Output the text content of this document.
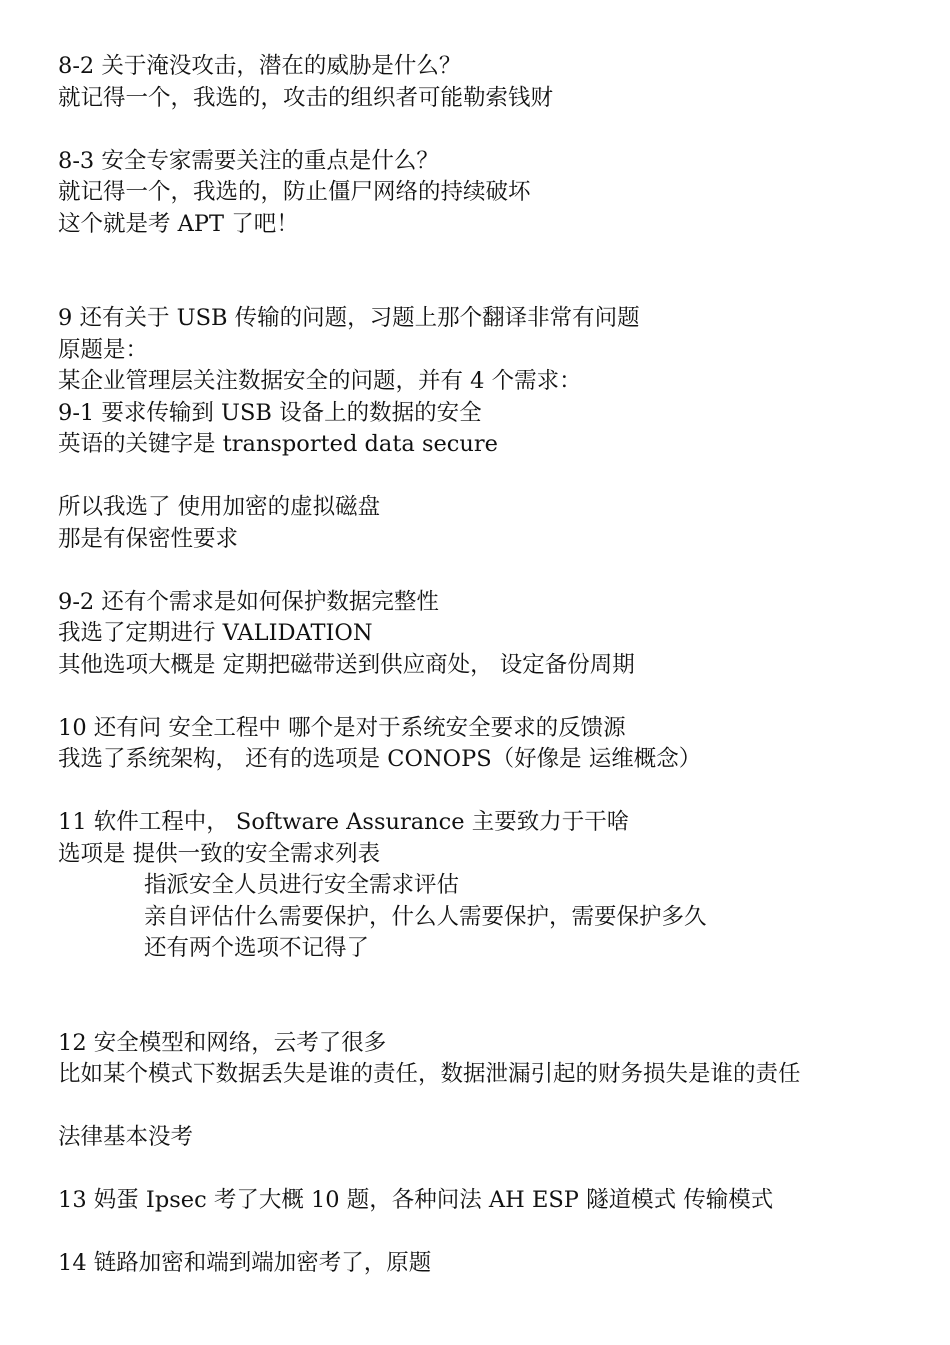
8-2 关于淹没攻击，潜在的威胁是什么？
就记得一个，我选的，攻击的组织者可能勒索钱财
8-3 安全专家需要关注的重点是什么？
就记得一个，我选的，防止僵尸网络的持续破坏
这个就是考 APT 了吧！
9 还有关于 USB 传输的问题，习题上那个翻译非常有问题
原题是：
某企业管理层关注数据安全的问题，并有 4 个需求：
9-1 要求传输到 USB 设备上的数据的安全
英语的关键字是 transported data secure
所以我选了 使用加密的虚拟磁盘
那是有保密性要求
9-2 还有个需求是如何保护数据完整性
我选了定期进行 VALIDATION
其他选项大概是 定期把磁带送到供应商处， 设定备份周期
10 还有问 安全工程中 哪个是对于系统安全要求的反馈源
我选了系统架构， 还有的选项是 CONOPS（好像是 运维概念）
11 软件工程中， Software Assurance 主要致力于干啥
选项是 提供一致的安全需求列表
指派安全人员进行安全需求评估
亲自评估什么需要保护，什么人需要保护，需要保护多久
还有两个选项不记得了
12 安全模型和网络，云考了很多
比如某个模式下数据丢失是谁的责任，数据泄漏引起的财务损失是谁的责任
法律基本没考
13 妈蛋 Ipsec 考了大概 10 题，各种问法 AH ESP 隧道模式 传输模式
14 链路加密和端到端加密考了，原题
